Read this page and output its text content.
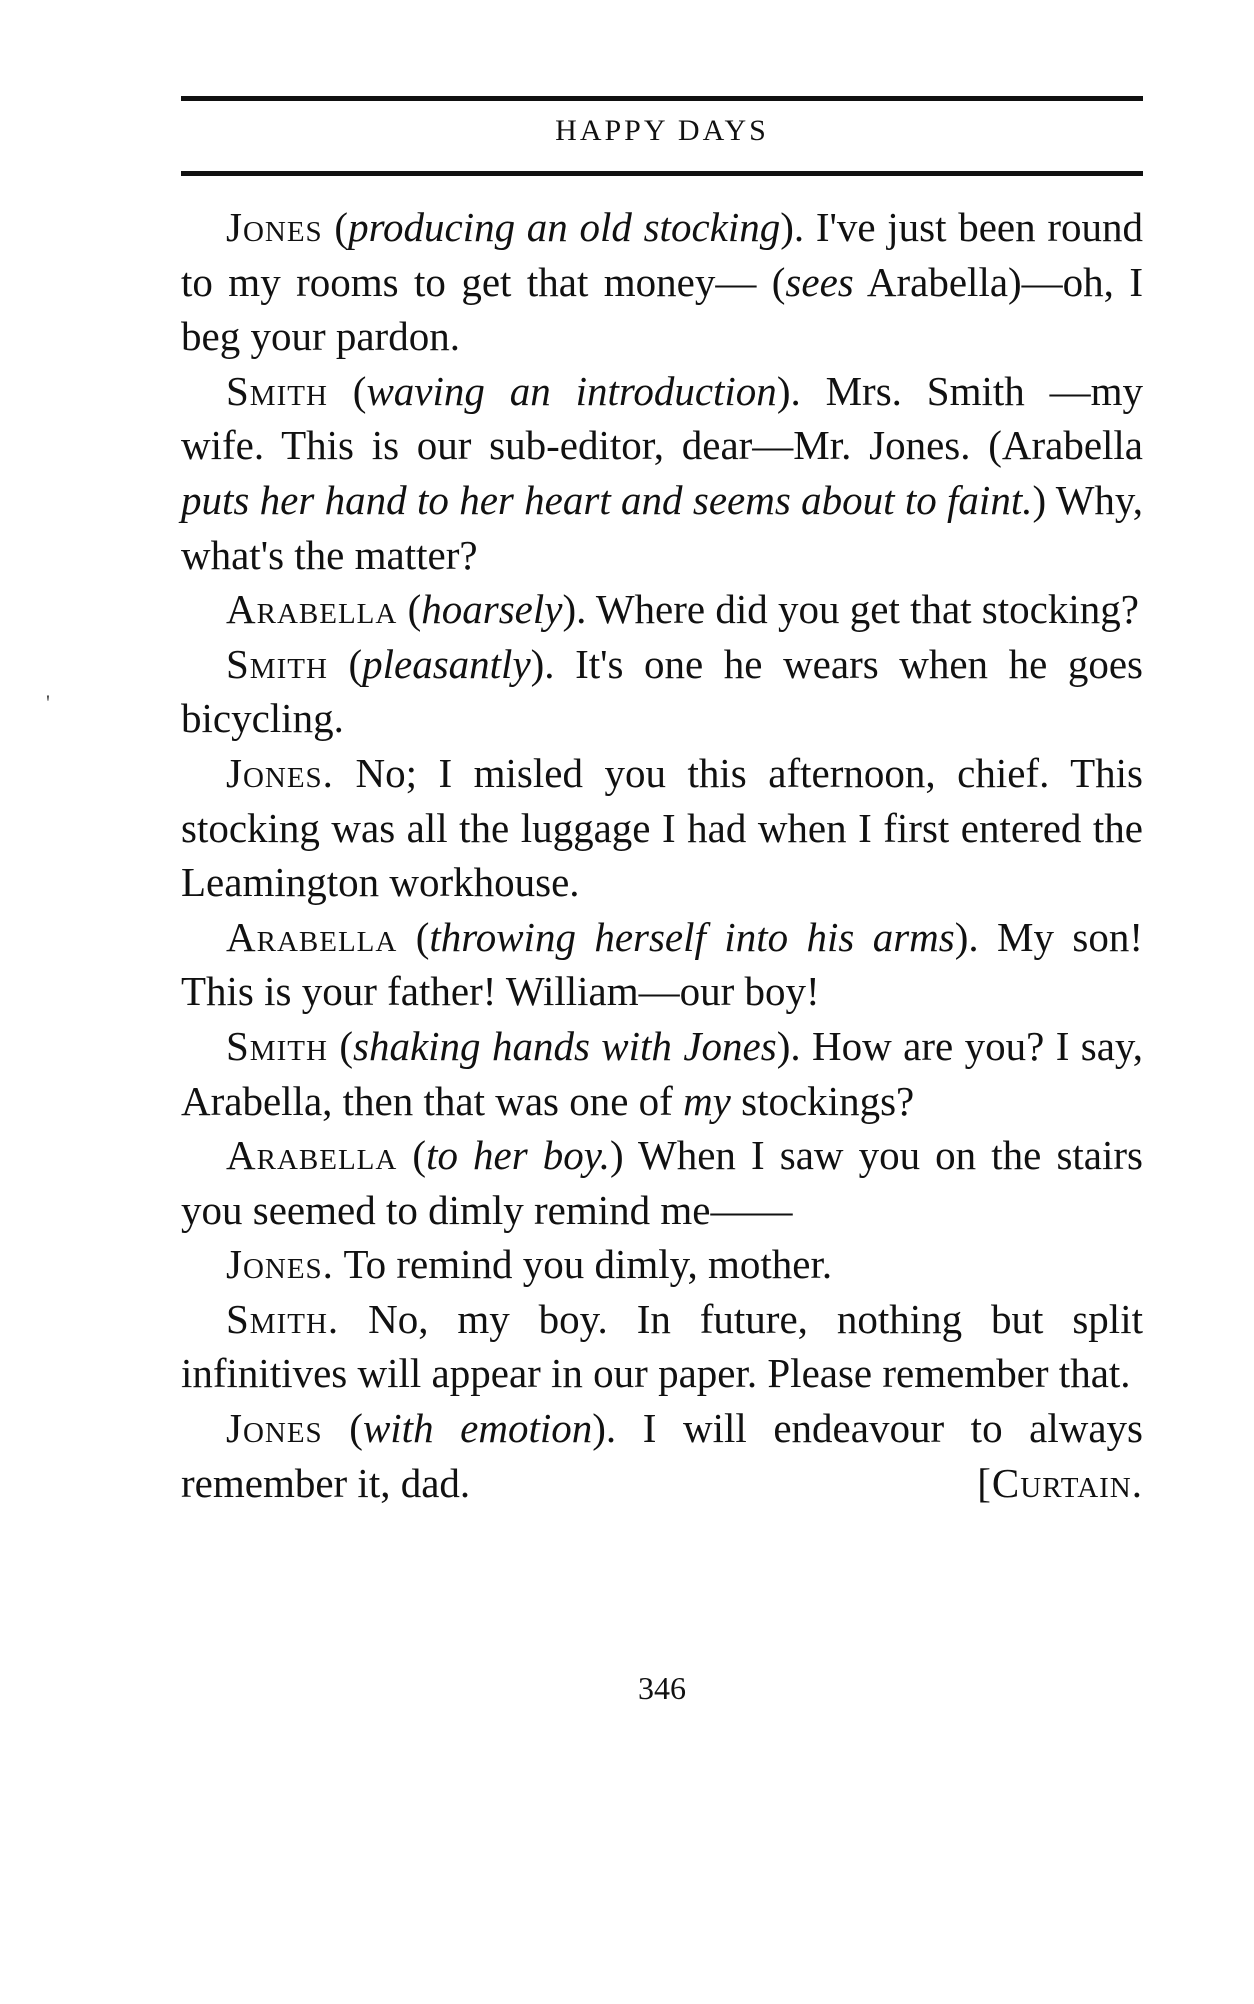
HAPPY DAYS
'

Jones (producing an old stocking). I've just been round to my rooms to get that money— (sees Arabella)—oh, I beg your pardon.

Smith (waving an introduction). Mrs. Smith —my wife. This is our sub-editor, dear—Mr. Jones. (Arabella puts her hand to her heart and seems about to faint.) Why, what's the matter?

Arabella (hoarsely). Where did you get that stocking?

Smith (pleasantly). It's one he wears when he goes bicycling.

Jones. No; I misled you this afternoon, chief. This stocking was all the luggage I had when I first entered the Leamington workhouse.

Arabella (throwing herself into his arms). My son! This is your father! William—our boy!

Smith (shaking hands with Jones). How are you? I say, Arabella, then that was one of my stockings?

Arabella (to her boy.) When I saw you on the stairs you seemed to dimly remind me——

Jones. To remind you dimly, mother.

Smith. No, my boy. In future, nothing but split infinitives will appear in our paper. Please remember that.

Jones (with emotion). I will endeavour to always remember it, dad.	[Curtain.

346
